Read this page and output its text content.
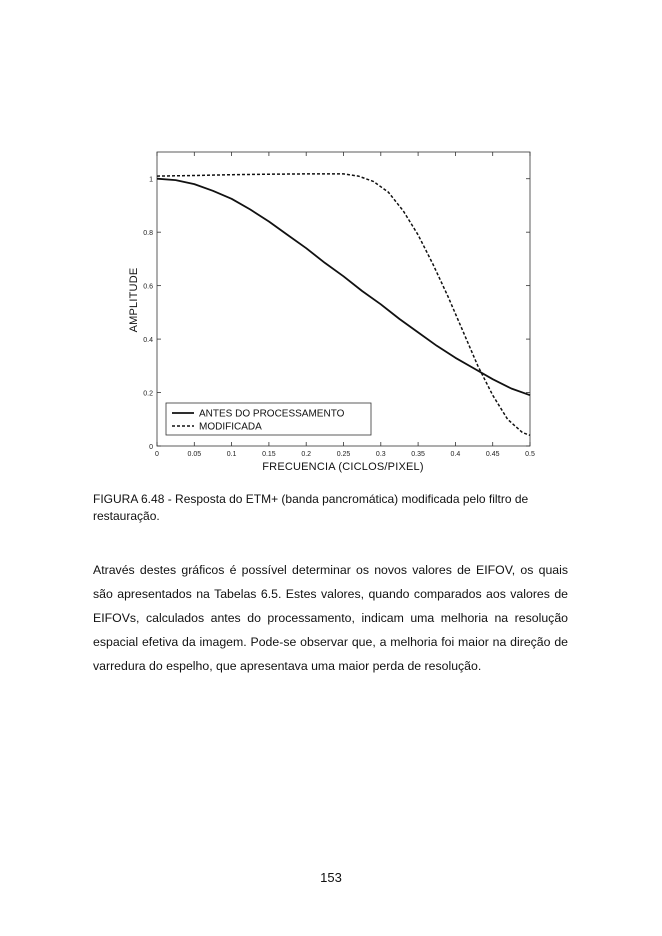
0	0.05	0.1	0.15	0.2	0.25	0.3	0.35	0.4	0.45	0.5
0
0.2
0.4
0.6
0.8
1
ANTES DO PROCESSAMENTO
MODIFICADA
FRECUENCIA (CICLOS/PIXEL)
AMPLITUDE
FIGURA 6.48 - Resposta do ETM+ (banda pancromática) modificada pelo filtro de restauração.
Através destes gráficos é possível determinar os novos valores de EIFOV, os quais são apresentados na Tabelas 6.5. Estes valores, quando comparados aos valores de EIFOVs, calculados antes do processamento, indicam uma melhoria na resolução espacial efetiva da imagem. Pode-se observar que, a melhoria foi maior na direção de varredura do espelho, que apresentava uma maior perda de resolução.
153
